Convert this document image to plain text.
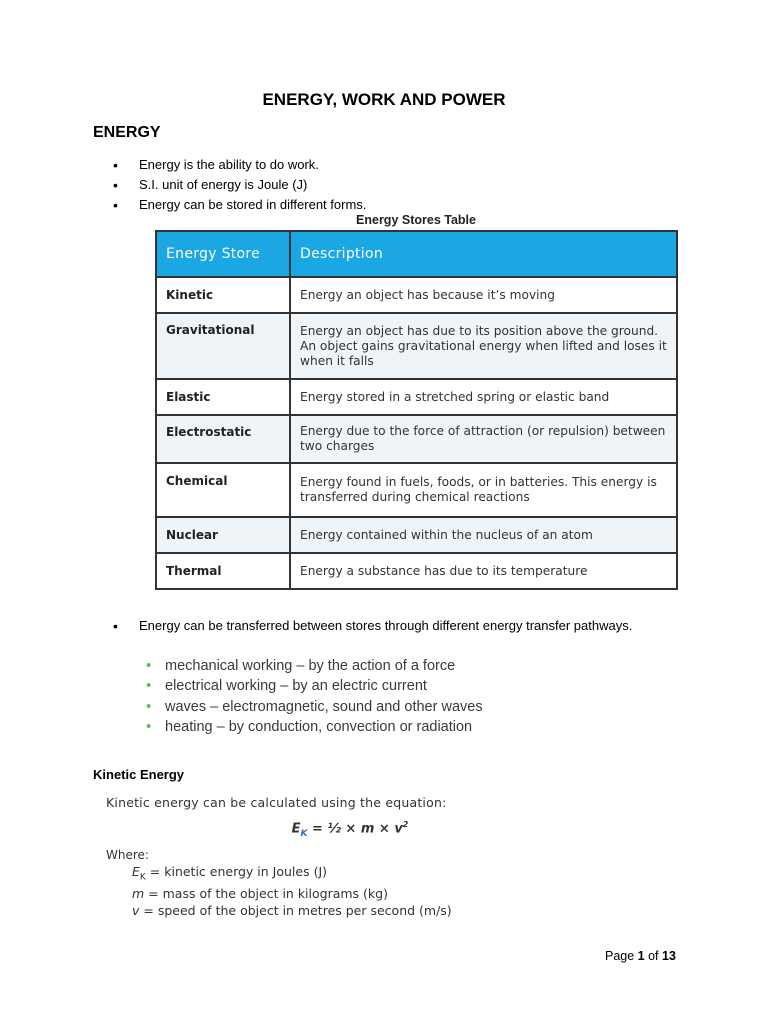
ENERGY, WORK AND POWER
ENERGY
• Energy is the ability to do work.
• S.I. unit of energy is Joule (J)
• Energy can be stored in different forms.
Energy Stores Table
Energy Store	Description
Kinetic	Energy an object has because it’s moving
Gravitational	Energy an object has due to its position above the ground. An object gains gravitational energy when lifted and loses it when it falls
Elastic	Energy stored in a stretched spring or elastic band
Electrostatic	Energy due to the force of attraction (or repulsion) between two charges
Chemical	Energy found in fuels, foods, or in batteries. This energy is transferred during chemical reactions
Nuclear	Energy contained within the nucleus of an atom
Thermal	Energy a substance has due to its temperature
• Energy can be transferred between stores through different energy transfer pathways.
• mechanical working – by the action of a force
• electrical working – by an electric current
• waves – electromagnetic, sound and other waves
• heating – by conduction, convection or radiation
Kinetic Energy
Kinetic energy can be calculated using the equation:
$E_K$ = ½ × $m \times v^2$
Where:
$E_K$ = kinetic energy in Joules (J)
m = mass of the object in kilograms (kg)
v = speed of the object in metres per second (m/s)
Page 1 of 13
